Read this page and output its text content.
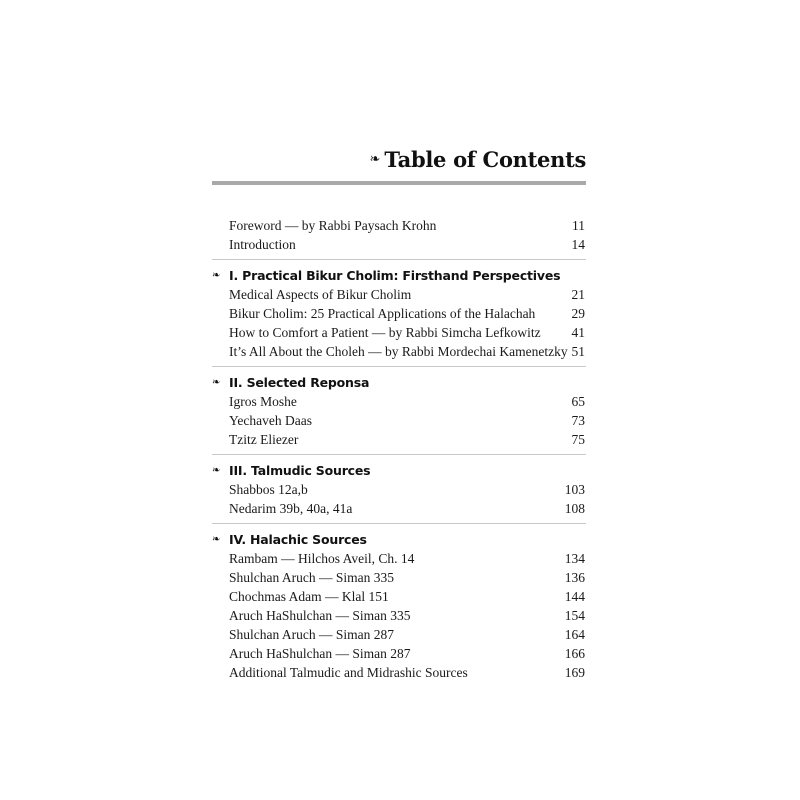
❧ Table of Contents
Foreword — by Rabbi Paysach Krohn	11
Introduction	14
❧ I. Practical Bikur Cholim: Firsthand Perspectives
Medical Aspects of Bikur Cholim	21
Bikur Cholim: 25 Practical Applications of the Halachah	29
How to Comfort a Patient — by Rabbi Simcha Lefkowitz 41
It’s All About the Choleh — by Rabbi Mordechai Kamenetzky 51
❧ II. Selected Reponsa
Igros Moshe	65
Yechaveh Daas	73
Tzitz Eliezer	75
❧ III. Talmudic Sources
Shabbos 12a,b	103
Nedarim 39b, 40a, 41a	108
❧ IV. Halachic Sources
Rambam — Hilchos Aveil, Ch. 14	134
Shulchan Aruch — Siman 335	136
Chochmas Adam — Klal 151	144
Aruch HaShulchan — Siman 335	154
Shulchan Aruch — Siman 287	164
Aruch HaShulchan — Siman 287	166
Additional Talmudic and Midrashic Sources	169
